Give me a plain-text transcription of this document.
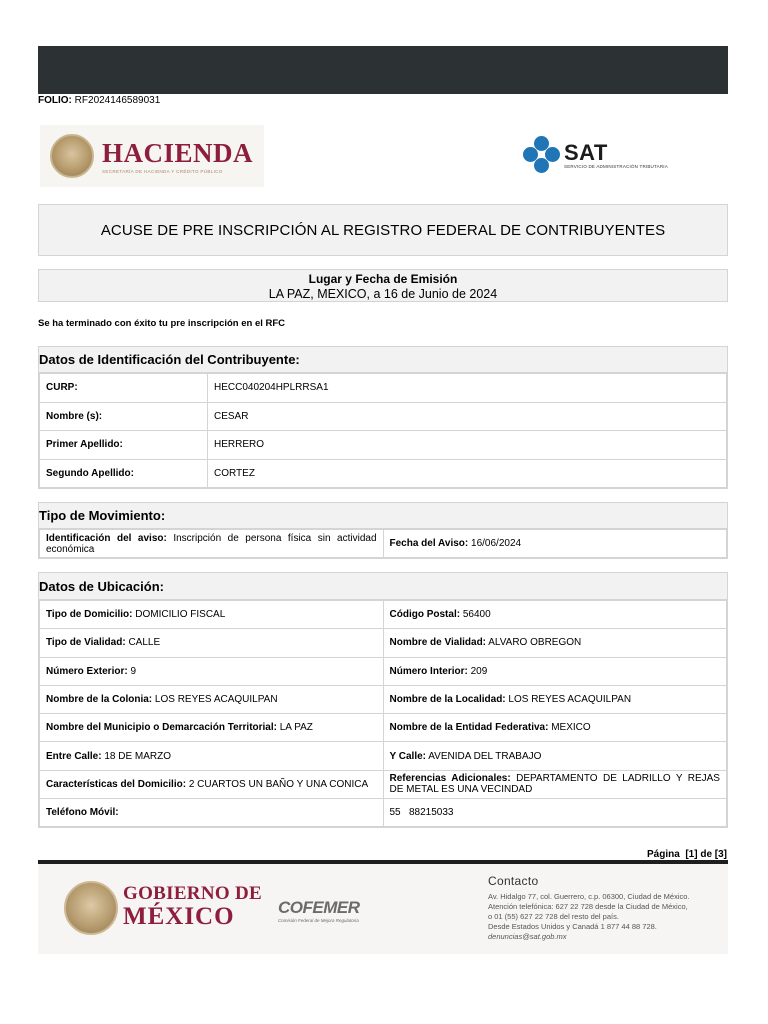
FOLIO: RF2024146589031
HACIENDA
SECRETARÍA DE HACIENDA Y CRÉDITO PÚBLICO
SAT
SERVICIO DE ADMINISTRACIÓN TRIBUTARIA
ACUSE DE PRE INSCRIPCIÓN AL REGISTRO FEDERAL DE CONTRIBUYENTES
Lugar y Fecha de Emisión
LA PAZ, MEXICO, a 16 de Junio de 2024
Se ha terminado con éxito tu pre inscripción en el RFC
Datos de Identificación del Contribuyente:
CURP:	HECC040204HPLRRSA1
Nombre (s):	CESAR
Primer Apellido:	HERRERO
Segundo Apellido:	CORTEZ
Tipo de Movimiento:
Identificación del aviso: Inscripción de persona física sin actividad económica	Fecha del Aviso: 16/06/2024
Datos de Ubicación:
Tipo de Domicilio: DOMICILIO FISCAL	Código Postal: 56400
Tipo de Vialidad: CALLE	Nombre de Vialidad: ALVARO OBREGON
Número Exterior: 9	Número Interior: 209
Nombre de la Colonia: LOS REYES ACAQUILPAN	Nombre de la Localidad: LOS REYES ACAQUILPAN
Nombre del Municipio o Demarcación Territorial: LA PAZ	Nombre de la Entidad Federativa: MEXICO
Entre Calle: 18 DE MARZO	Y Calle: AVENIDA DEL TRABAJO
Características del Domicilio: 2 CUARTOS UN BAÑO Y UNA CONICA	Referencias Adicionales: DEPARTAMENTO DE LADRILLO Y REJAS DE METAL ES UNA VECINDAD
Teléfono Móvil:	55   88215033
Página  [1] de [3]
GOBIERNO DE
MÉXICO	COFEMER
Comisión Federal de Mejora Regulatoria
Contacto

Av. Hidalgo 77, col. Guerrero, c.p. 06300, Ciudad de México.

Atención telefónica: 627 22 728 desde la Ciudad de México,

o 01 (55) 627 22 728 del resto del país.

Desde Estados Unidos y Canadá 1 877 44 88 728.

denuncias@sat.gob.mx
